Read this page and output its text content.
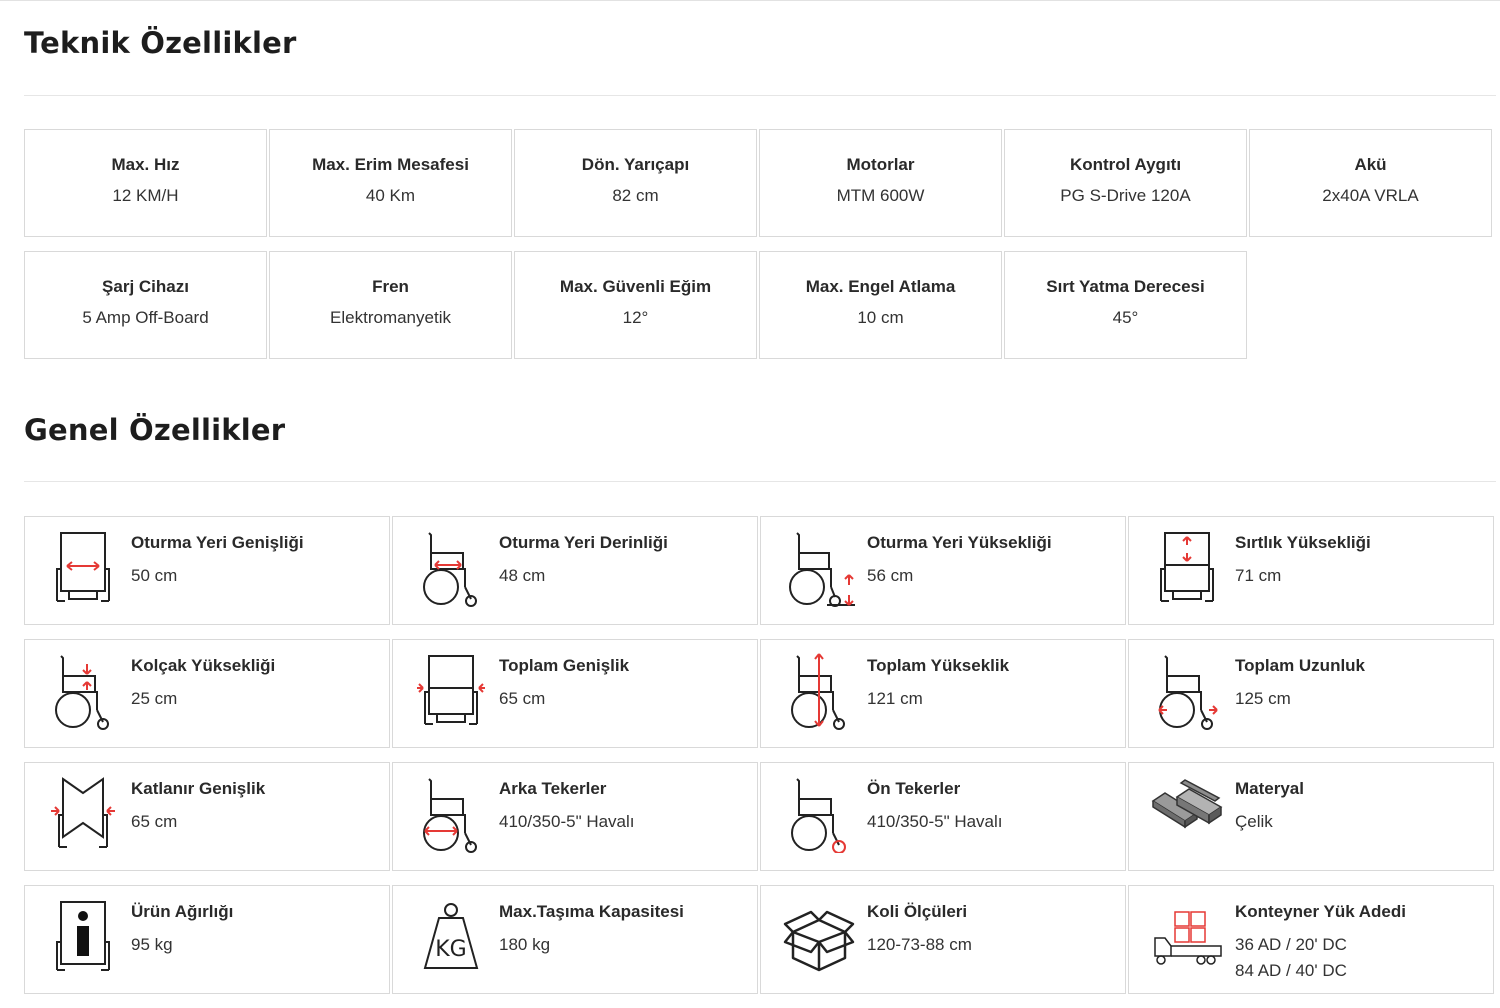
Teknik Özellikler
Max. Hız
12 KM/H
Max. Erim Mesafesi
40 Km
Dön. Yarıçapı
82 cm
Motorlar
MTM 600W
Kontrol Aygıtı
PG S-Drive 120A
Akü
2x40A VRLA
Şarj Cihazı
5 Amp Off-Board
Fren
Elektromanyetik
Max. Güvenli Eğim
12°
Max. Engel Atlama
10 cm
Sırt Yatma Derecesi
45°
Genel Özellikler
Oturma Yeri Genişliği
50 cm
Oturma Yeri Derinliği
48 cm
Oturma Yeri Yüksekliği
56 cm
Sırtlık Yüksekliği
71 cm
Kolçak Yüksekliği
25 cm
Toplam Genişlik
65 cm
Toplam Yükseklik
121 cm
Toplam Uzunluk
125 cm
Katlanır Genişlik
65 cm
Arka Tekerler
410/350-5" Havalı
Ön Tekerler
410/350-5" Havalı
Materyal
Çelik
Ürün Ağırlığı
95 kg	KG
Max.Taşıma Kapasitesi
180 kg
Koli Ölçüleri
120-73-88 cm
Konteyner Yük Adedi
36 AD / 20' DC
84 AD / 40' DC
